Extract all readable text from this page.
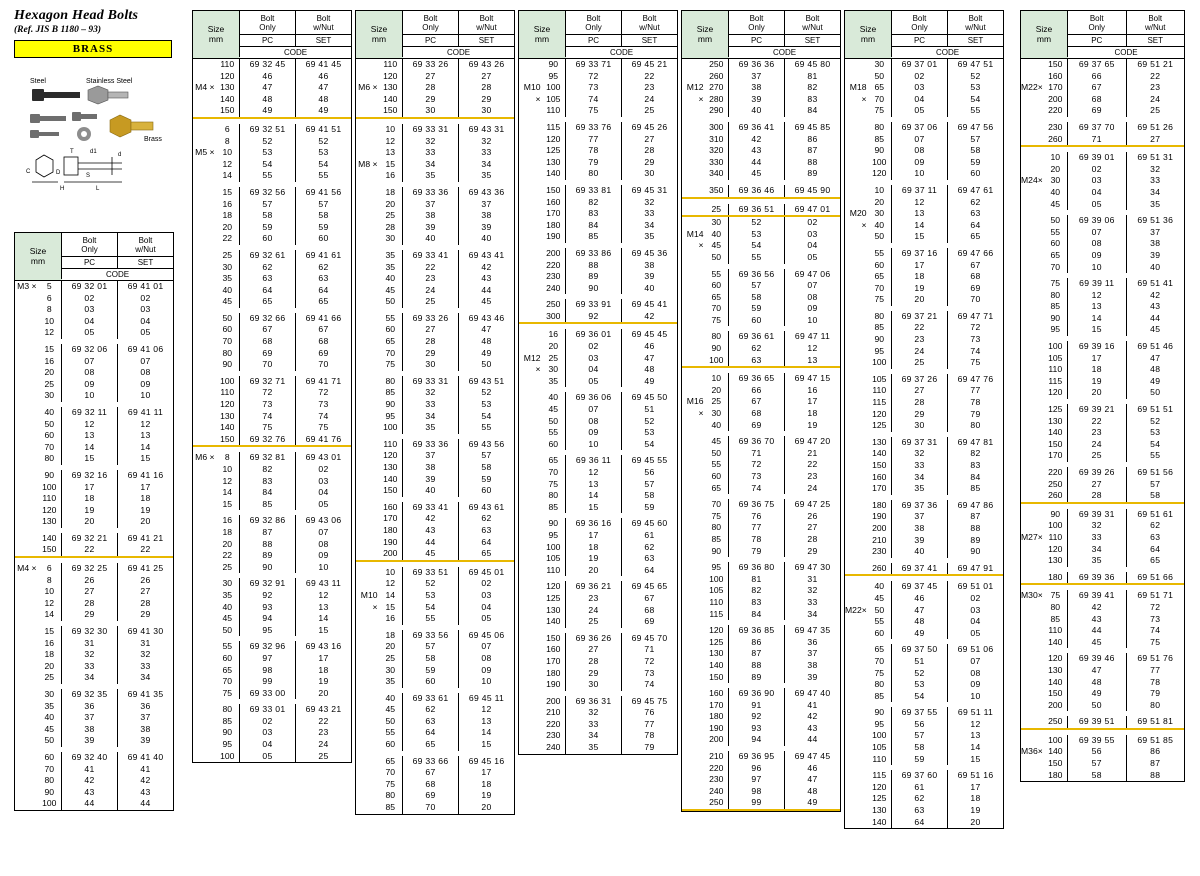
Hexagon Head Bolts

(Ref. JIS B 1180 – 93)

BRASS
Steel	Stainless Steel
Brass
C	D
T	d1	d
H	L
S
Size
mm
Bolt
Only
Bolt
w/Nut
PC	SET
CODE
M3 ×	5	69 32 01	69 41 01
6	02	02
8	03	03
10	04	04
12	05	05
15	69 32 06	69 41 06
16	07	07
20	08	08
25	09	09
30	10	10
40	69 32 11	69 41 11
50	12	12
60	13	13
70	14	14
80	15	15
90	69 32 16	69 41 16
100	17	17
110	18	18
120	19	19
130	20	20
140	69 32 21	69 41 21
150	22	22
M4 ×	6	69 32 25	69 41 25
8	26	26
10	27	27
12	28	28
14	29	29
15	69 32 30	69 41 30
16	31	31
18	32	32
20	33	33
25	34	34
30	69 32 35	69 41 35
35	36	36
40	37	37
45	38	38
50	39	39
60	69 32 40	69 41 40
70	41	41
80	42	42
90	43	43
100	44	44
Size
mm
Bolt
Only
Bolt
w/Nut
PC	SET
CODE
110	69 32 45	69 41 45
120	46	46
M4 × 130	47	47
140	48	48
150	49	49
6	69 32 51	69 41 51
8	52	52
M5 × 10	53	53
12	54	54
14	55	55
15	69 32 56	69 41 56
16	57	57
18	58	58
20	59	59
22	60	60
25	69 32 61	69 41 61
30	62	62
35	63	63
40	64	64
45	65	65
50	69 32 66	69 41 66
60	67	67
70	68	68
80	69	69
90	70	70
100	69 32 71	69 41 71
110	72	72
120	73	73
130	74	74
140	75	75
150	69 32 76	69 41 76
M6 ×	8	69 32 81	69 43 01
10	82	02
12	83	03
14	84	04
15	85	05
16	69 32 86	69 43 06
18	87	07
20	88	08
22	89	09
25	90	10
30	69 32 91	69 43 11
35	92	12
40	93	13
45	94	14
50	95	15
55	69 32 96	69 43 16
60	97	17
65	98	18
70	99	19
75	69 33 00	20
80	69 33 01	69 43 21
85	02	22
90	03	23
95	04	24
100	05	25
Size
mm
Bolt
Only
Bolt
w/Nut
PC	SET
CODE
110	69 33 26	69 43 26
120	27	27
M6 × 130	28	28
140	29	29
150	30	30
10	69 33 31	69 43 31
12	32	32
13	33	33
M8 × 15	34	34
16	35	35
18	69 33 36	69 43 36
20	37	37
25	38	38
28	39	39
30	40	40
35	69 33 41	69 43 41
35	22	42
40	23	43
45	24	44
50	25	45
55	69 33 26	69 43 46
60	27	47
65	28	48
70	29	49
75	30	50
80	69 33 31	69 43 51
85	32	52
90	33	53
95	34	54
100	35	55
110	69 33 36	69 43 56
120	37	57
130	38	58
140	39	59
150	40	60
160	69 33 41	69 43 61
170	42	62
180	43	63
190	44	64
200	45	65
10	69 33 51	69 45 01
12	52	02
M10 ×
14	53	03
15	54	04
16	55	05
18	69 33 56	69 45 06
20	57	07
25	58	08
30	59	09
35	60	10
40	69 33 61	69 45 11
45	62	12
50	63	13
55	64	14
60	65	15
65	69 33 66	69 45 16
70	67	17
75	68	18
80	69	19
85	70	20
Size
mm
Bolt
Only
Bolt
w/Nut
PC	SET
CODE
90	69 33 71	69 45 21
95	72	22
M10 ×
100	73	23
105	74	24
110	75	25
115	69 33 76	69 45 26
120	77	27
125	78	28
130	79	29
140	80	30
150	69 33 81	69 45 31
160	82	32
170	83	33
180	84	34
190	85	35
200	69 33 86	69 45 36
220	88	38
230	89	39
240	90	40
250	69 33 91	69 45 41
300	92	42
16	69 36 01	69 45 45
20	02	46
M12 ×
25	03	47
30	04	48
35	05	49
40	69 36 06	69 45 50
45	07	51
50	08	52
55	09	53
60	10	54
65	69 36 11	69 45 55
70	12	56
75	13	57
80	14	58
85	15	59
90	69 36 16	69 45 60
95	17	61
100	18	62
105	19	63
110	20	64
120	69 36 21	69 45 65
125	23	67
130	24	68
140	25	69
150	69 36 26	69 45 70
160	27	71
170	28	72
180	29	73
190	30	74
200	69 36 31	69 45 75
210	32	76
220	33	77
230	34	78
240	35	79
Size
mm
Bolt
Only
Bolt
w/Nut
PC	SET
CODE
250	69 36 36	69 45 80
260	37	81
M12 ×
270	38	82
280	39	83
290	40	84
300	69 36 41	69 45 85
310	42	86
320	43	87
330	44	88
340	45	89
350	69 36 46	69 45 90
25	69 36 51	69 47 01
30	52	02
M14 ×
40	53	03
45	54	04
50	55	05
55	69 36 56	69 47 06
60	57	07
65	58	08
70	59	09
75	60	10
80	69 36 61	69 47 11
90	62	12
100	63	13
10	69 36 65	69 47 15
20	66	16
M16 ×
25	67	17
30	68	18
40	69	19
45	69 36 70	69 47 20
50	71	21
55	72	22
60	73	23
65	74	24
70	69 36 75	69 47 25
75	76	26
80	77	27
85	78	28
90	79	29
95	69 36 80	69 47 30
100	81	31
105	82	32
110	83	33
115	84	34
120	69 36 85	69 47 35
125	86	36
130	87	37
140	88	38
150	89	39
160	69 36 90	69 47 40
170	91	41
180	92	42
190	93	43
200	94	44
210	69 36 95	69 47 45
220	96	46
230	97	47
240	98	48
250	99	49
Size
mm
Bolt
Only
Bolt
w/Nut
PC	SET
CODE
30	69 37 01	69 47 51
50	02	52
M18 ×
65	03	53
70	04	54
75	05	55
80	69 37 06	69 47 56
85	07	57
90	08	58
100	09	59
120	10	60
10	69 37 11	69 47 61
20	12	62
M20 ×
30	13	63
40	14	64
50	15	65
55	69 37 16	69 47 66
60	17	67
65	18	68
70	19	69
75	20	70
80	69 37 21	69 47 71
85	22	72
90	23	73
95	24	74
100	25	75
105	69 37 26	69 47 76
110	27	77
115	28	78
120	29	79
125	30	80
130	69 37 31	69 47 81
140	32	82
150	33	83
160	34	84
170	35	85
180	69 37 36	69 47 86
190	37	87
200	38	88
210	39	89
230	40	90
260	69 37 41	69 47 91
40	69 37 45	69 51 01
45	46	02
M22× 50	47	03
55	48	04
60	49	05
65	69 37 50	69 51 06
70	51	07
75	52	08
80	53	09
85	54	10
90	69 37 55	69 51 11
95	56	12
100	57	13
105	58	14
110	59	15
115	69 37 60	69 51 16
120	61	17
125	62	18
130	63	19
140	64	20
Size
mm
Bolt
Only
Bolt
w/Nut
PC	SET
CODE
150	69 37 65	69 51 21
160	66	22
M22× 170	67	23
200	68	24
220	69	25
230	69 37 70	69 51 26
260	71	27
10	69 39 01	69 51 31
20	02	32
M24× 30	03	33
40	04	34
45	05	35
50	69 39 06	69 51 36
55	07	37
60	08	38
65	09	39
70	10	40
75	69 39 11	69 51 41
80	12	42
85	13	43
90	14	44
95	15	45
100	69 39 16	69 51 46
105	17	47
110	18	48
115	19	49
120	20	50
125	69 39 21	69 51 51
130	22	52
140	23	53
150	24	54
170	25	55
220	69 39 26	69 51 56
250	27	57
260	28	58
90	69 39 31	69 51 61
100	32	62
M27× 110	33	63
120	34	64
130	35	65
180	69 39 36	69 51 66
M30× 75	69 39 41	69 51 71
80	42	72
85	43	73
110	44	74
140	45	75
120	69 39 46	69 51 76
130	47	77
140	48	78
150	49	79
200	50	80
250	69 39 51	69 51 81
100	69 39 55	69 51 85
M36× 140	56	86
150	57	87
180	58	88
